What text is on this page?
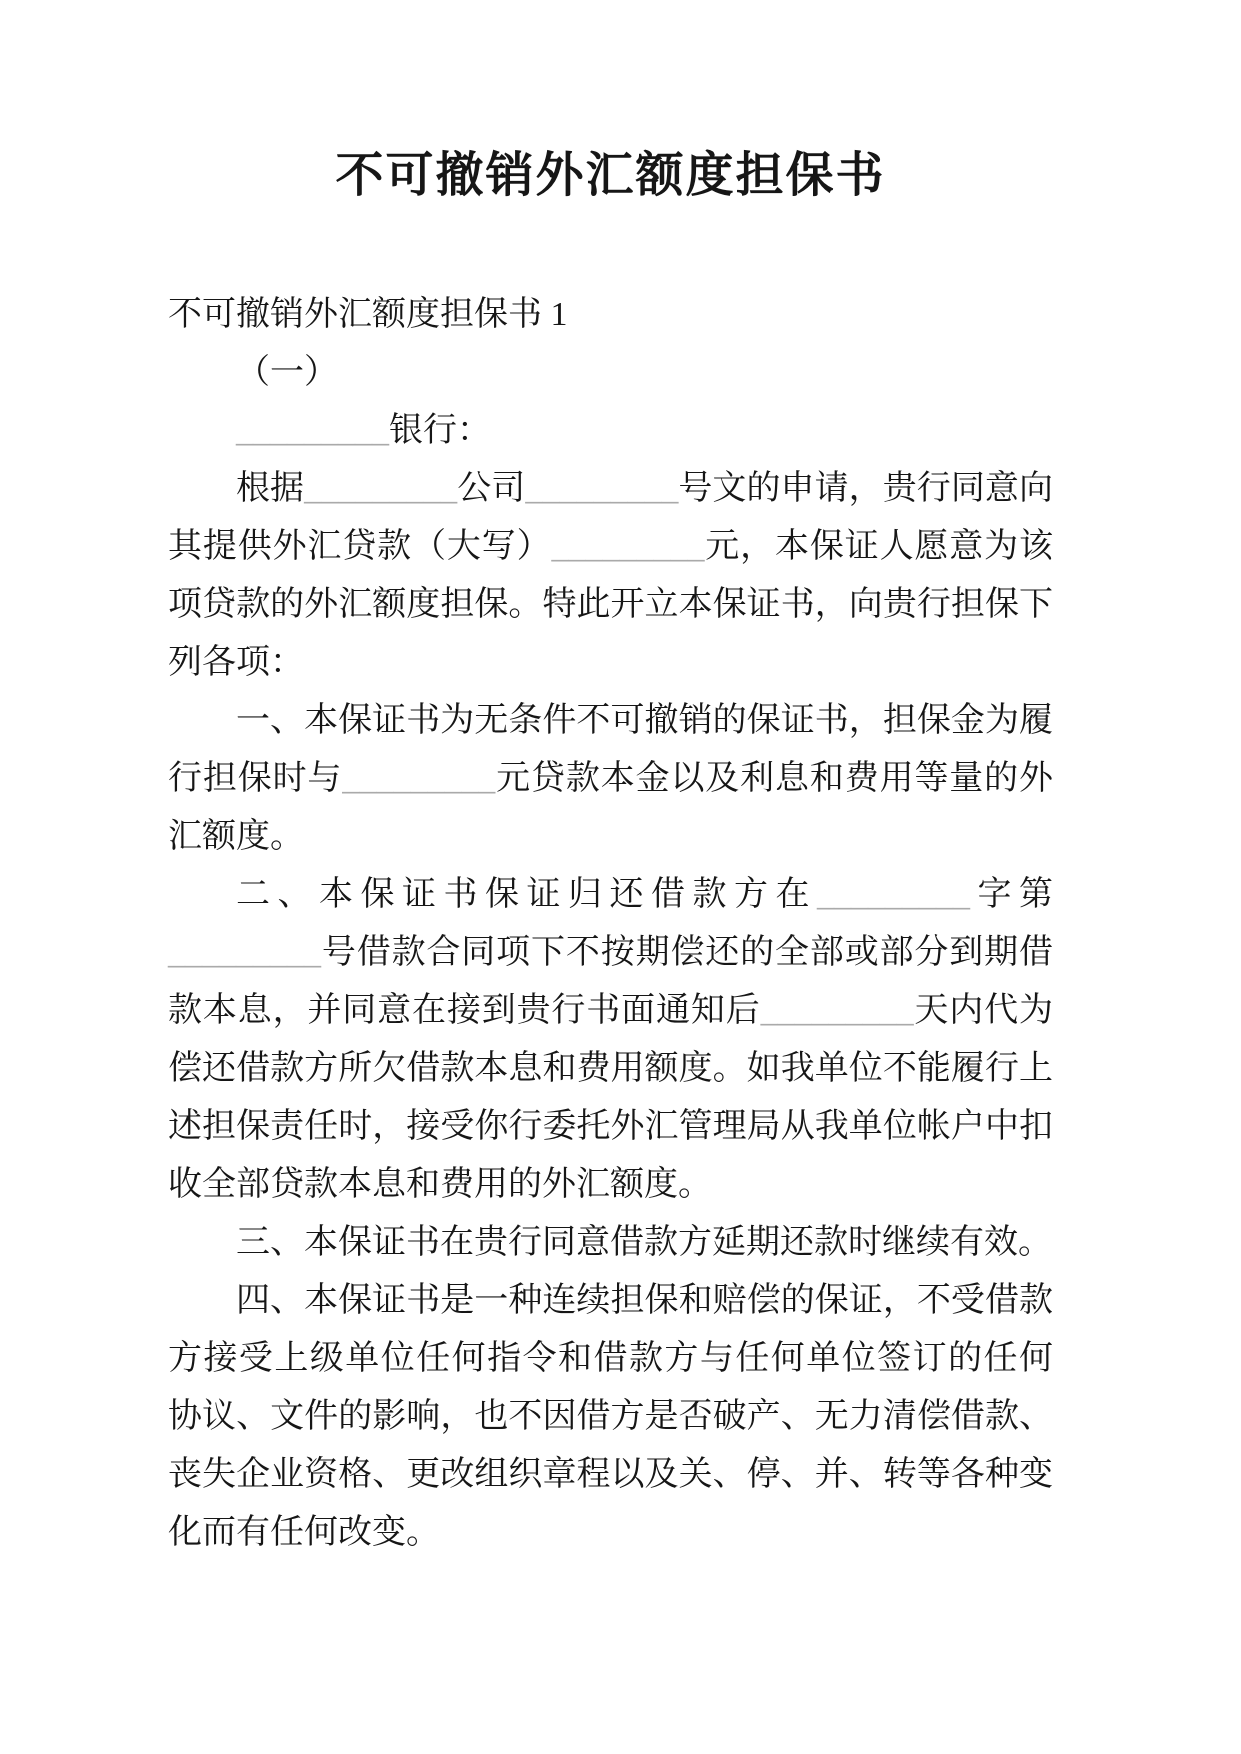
不可撤销外汇额度担保书
不可撤销外汇额度担保书 1
（一）
_________银行：
根据_________公司_________号文的申请，贵行同意向
其提供外汇贷款（大写）_________元，本保证人愿意为该
项贷款的外汇额度担保。特此开立本保证书，向贵行担保下
列各项：
一、本保证书为无条件不可撤销的保证书，担保金为履
行担保时与_________元贷款本金以及利息和费用等量的外
汇额度。
二、本保证书保证归还借款方在_________字第
_________号借款合同项下不按期偿还的全部或部分到期借
款本息，并同意在接到贵行书面通知后_________天内代为
偿还借款方所欠借款本息和费用额度。如我单位不能履行上
述担保责任时，接受你行委托外汇管理局从我单位帐户中扣
收全部贷款本息和费用的外汇额度。
三、本保证书在贵行同意借款方延期还款时继续有效。
四、本保证书是一种连续担保和赔偿的保证，不受借款
方接受上级单位任何指令和借款方与任何单位签订的任何
协议、文件的影响，也不因借方是否破产、无力清偿借款、
丧失企业资格、更改组织章程以及关、停、并、转等各种变
化而有任何改变。
